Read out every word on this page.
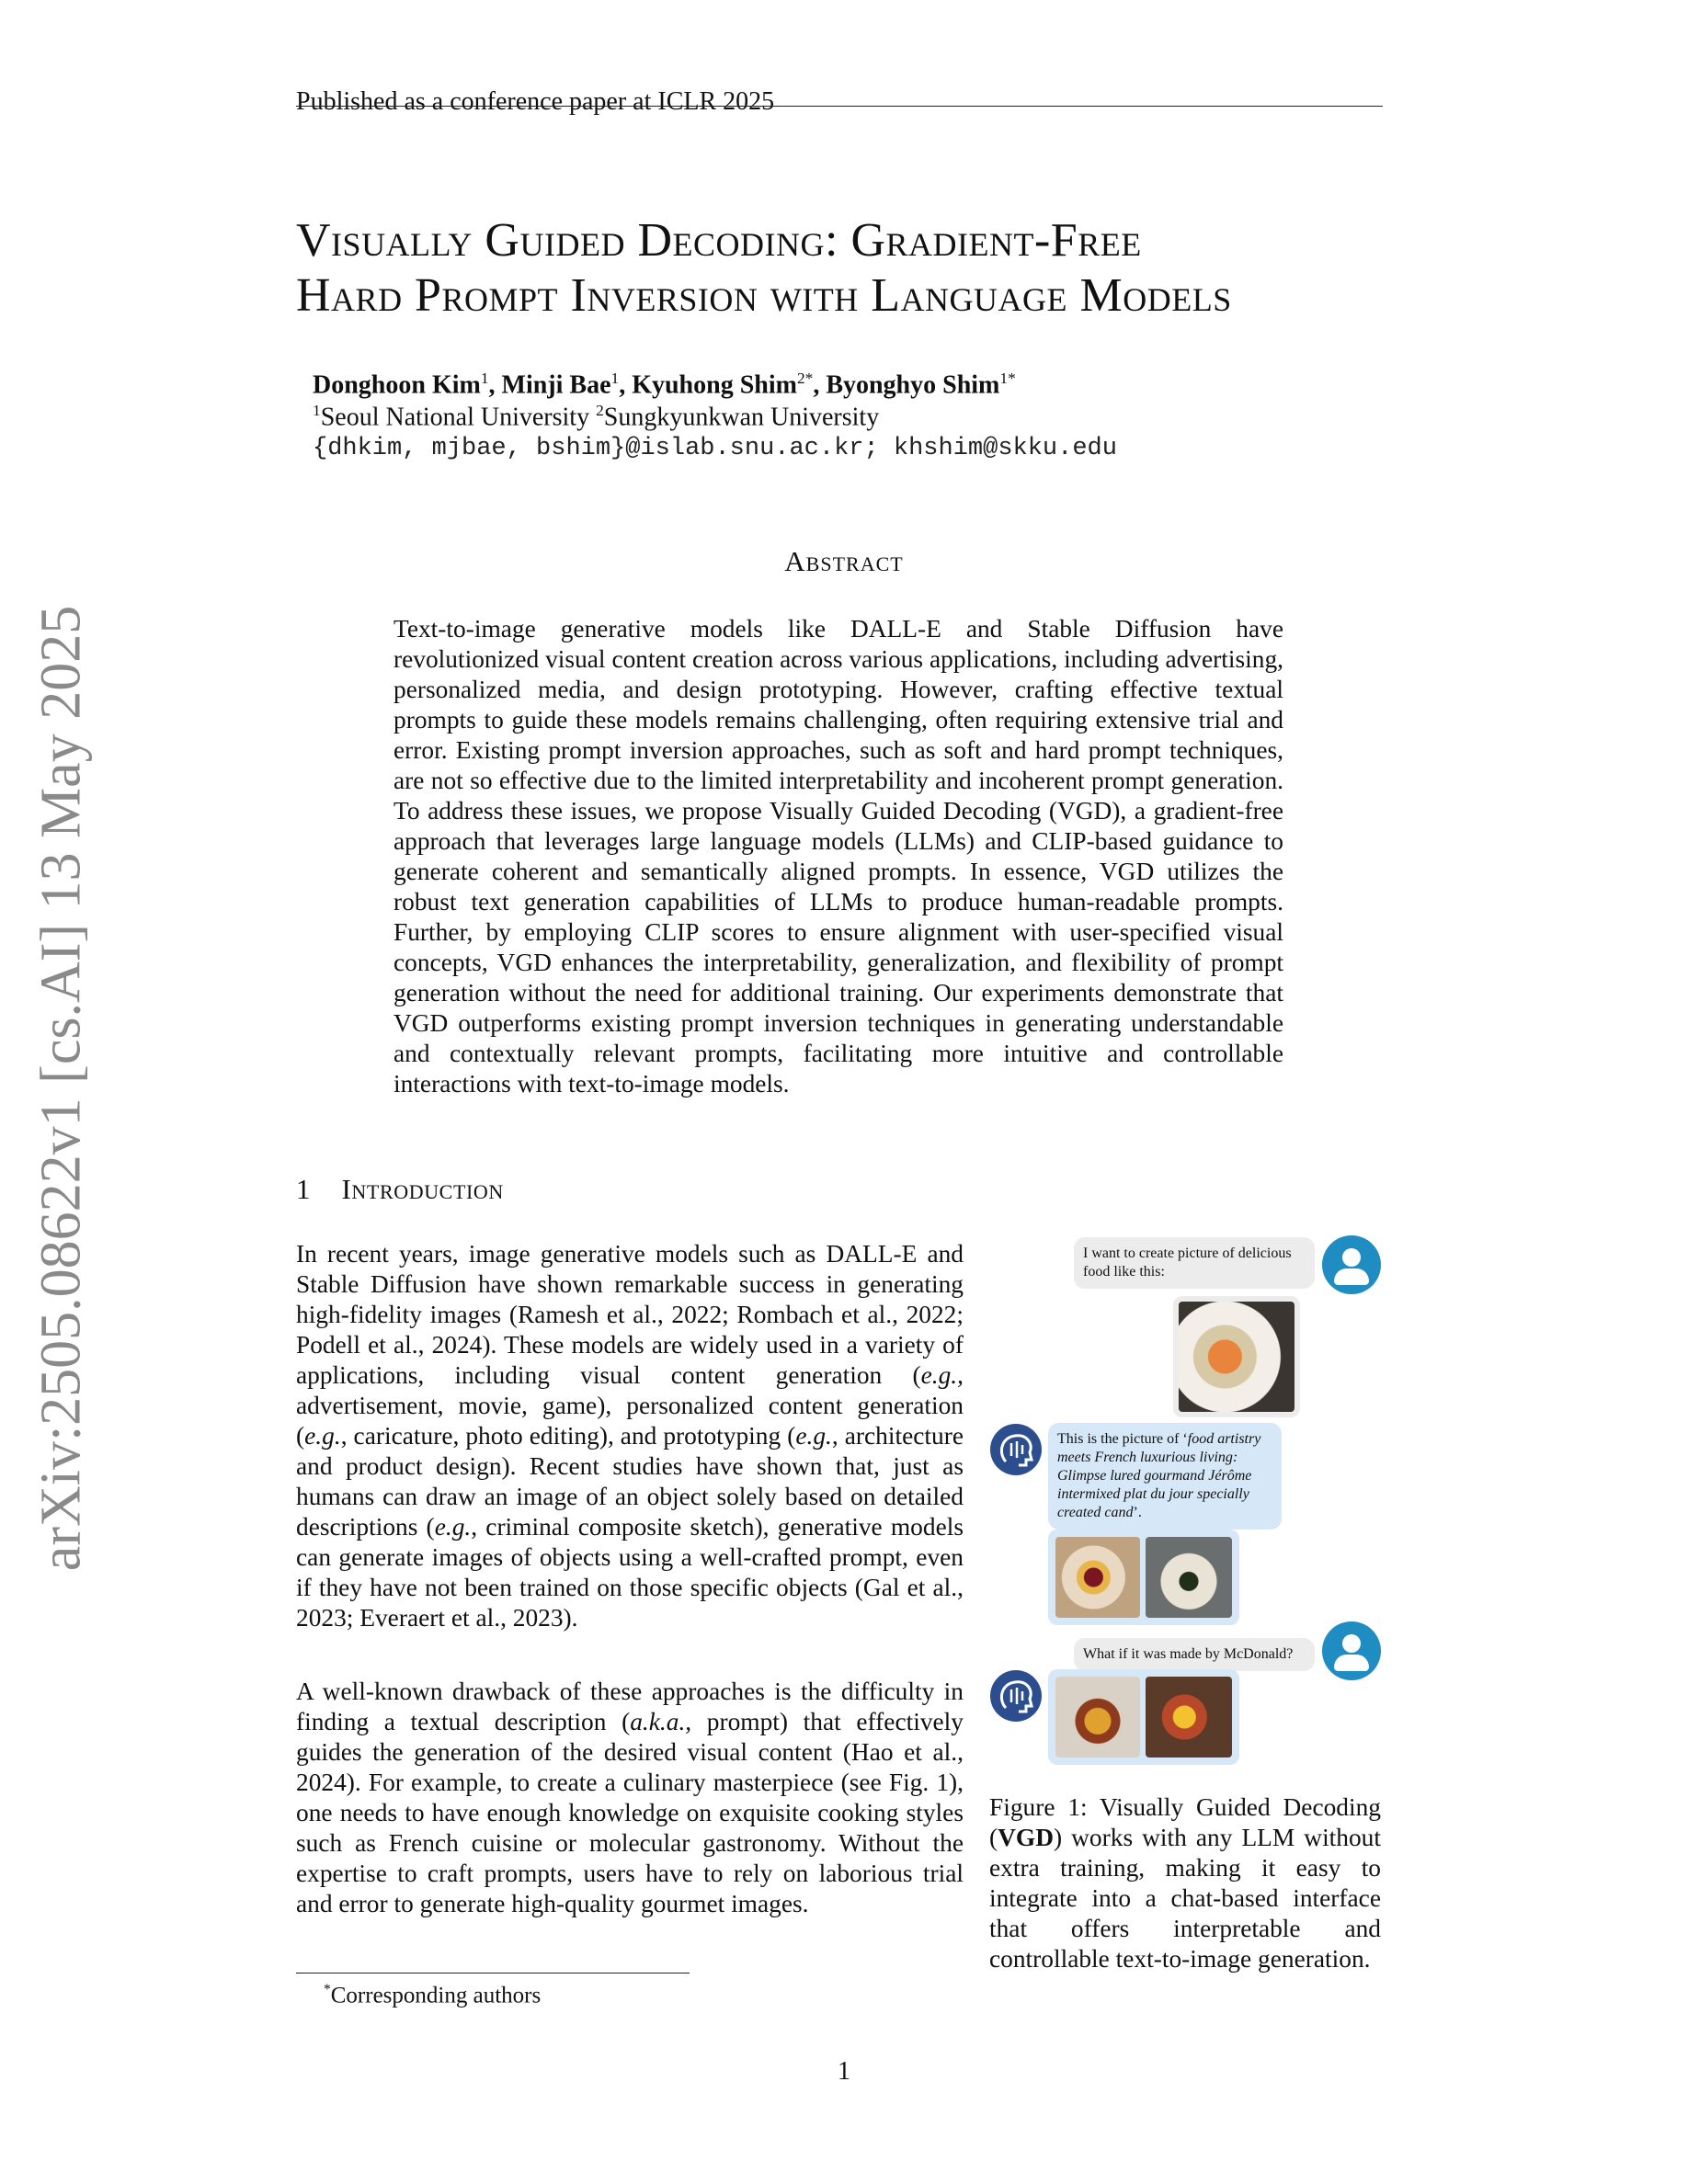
Published as a conference paper at ICLR 2025
arXiv:2505.08622v1 [cs.AI] 13 May 2025
Visually Guided Decoding: Gradient-Free
Hard Prompt Inversion with Language Models
Donghoon Kim$^1$, Minji Bae$^1$, Kyuhong Shim$^{2*}$, Byonghyo Shim$^{1*}$
$^1$Seoul National University $^2$Sungkyunkwan University
{dhkim, mjbae, bshim}@islab.snu.ac.kr; khshim@skku.edu
Abstract
Text-to-image generative models like DALL-E and Stable Diffusion have revolutionized visual content creation across various applications, including advertising, personalized media, and design prototyping. However, crafting effective textual prompts to guide these models remains challenging, often requiring extensive trial and error. Existing prompt inversion approaches, such as soft and hard prompt techniques, are not so effective due to the limited interpretability and incoherent prompt generation. To address these issues, we propose Visually Guided Decoding (VGD), a gradient-free approach that leverages large language models (LLMs) and CLIP-based guidance to generate coherent and semantically aligned prompts. In essence, VGD utilizes the robust text generation capabilities of LLMs to produce human-readable prompts. Further, by employing CLIP scores to ensure alignment with user-specified visual concepts, VGD enhances the interpretability, generalization, and flexibility of prompt generation without the need for additional training. Our experiments demonstrate that VGD outperforms existing prompt inversion techniques in generating understandable and contextually relevant prompts, facilitating more intuitive and controllable interactions with text-to-image models.
1 Introduction
In recent years, image generative models such as DALL-E and Stable Diffusion have shown remarkable success in generating high-fidelity images (Ramesh et al., 2022; Rombach et al., 2022; Podell et al., 2024). These models are widely used in a variety of applications, including visual content generation (e.g., advertisement, movie, game), personalized content generation (e.g., caricature, photo editing), and prototyping (e.g., architecture and product design). Recent studies have shown that, just as humans can draw an image of an object solely based on detailed descriptions (e.g., criminal composite sketch), generative models can generate images of objects using a well-crafted prompt, even if they have not been trained on those specific objects (Gal et al., 2023; Everaert et al., 2023).
A well-known drawback of these approaches is the difficulty in finding a textual description (a.k.a., prompt) that effectively guides the generation of the desired visual content (Hao et al., 2024). For example, to create a culinary masterpiece (see Fig. 1), one needs to have enough knowledge on exquisite cooking styles such as French cuisine or molecular gastronomy. Without the expertise to craft prompts, users have to rely on laborious trial and error to generate high-quality gourmet images.
*Corresponding authors
I want to create picture of delicious food like this:
This is the picture of ‘food artistry meets French luxurious living: Glimpse lured gourmand Jérôme intermixed plat du jour specially created cand’.
What if it was made by McDonald?
Figure 1: Visually Guided Decoding (VGD) works with any LLM without extra training, making it easy to integrate into a chat-based interface that offers interpretable and controllable text-to-image generation.
1
